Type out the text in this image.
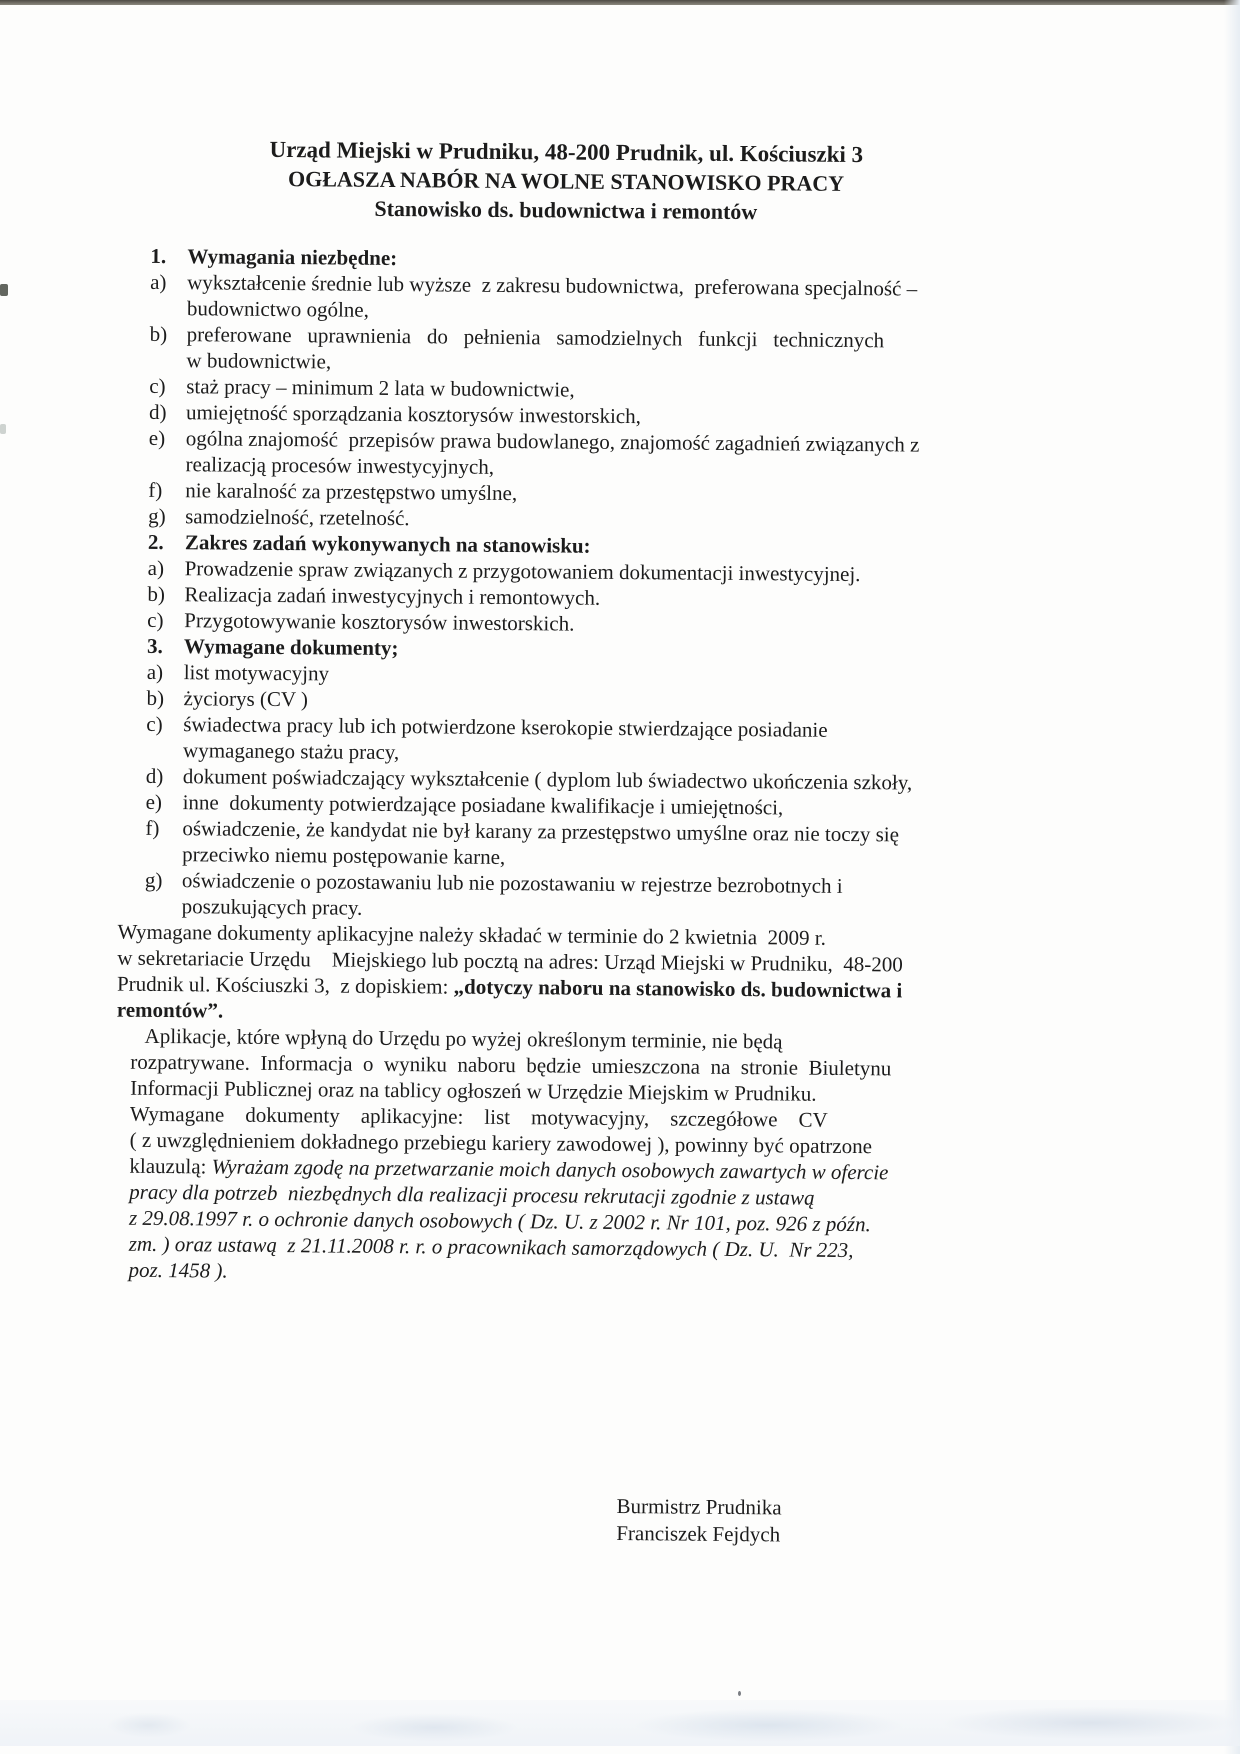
Urząd Miejski w Prudniku, 48-200 Prudnik, ul. Kościuszki 3
OGŁASZA NABÓR NA WOLNE STANOWISKO PRACY
Stanowisko ds. budownictwa i remontów
1. Wymagania niezbędne:
a) wykształcenie średnie lub wyższe  z zakresu budownictwa,  preferowana specjalność –
budownictwo ogólne,
b) preferowane   uprawnienia   do   pełnienia   samodzielnych   funkcji   technicznych
w budownictwie,
c) staż pracy – minimum 2 lata w budownictwie,
d) umiejętność sporządzania kosztorysów inwestorskich,
e) ogólna znajomość  przepisów prawa budowlanego, znajomość zagadnień związanych z
realizacją procesów inwestycyjnych,
f) nie karalność za przestępstwo umyślne,
g) samodzielność, rzetelność.
2. Zakres zadań wykonywanych na stanowisku:
a) Prowadzenie spraw związanych z przygotowaniem dokumentacji inwestycyjnej.
b) Realizacja zadań inwestycyjnych i remontowych.
c) Przygotowywanie kosztorysów inwestorskich.
3. Wymagane dokumenty;
a) list motywacyjny
b) życiorys (CV )
c) świadectwa pracy lub ich potwierdzone kserokopie stwierdzające posiadanie
wymaganego stażu pracy,
d) dokument poświadczający wykształcenie ( dyplom lub świadectwo ukończenia szkoły,
e) inne  dokumenty potwierdzające posiadane kwalifikacje i umiejętności,
f) oświadczenie, że kandydat nie był karany za przestępstwo umyślne oraz nie toczy się
przeciwko niemu postępowanie karne,
g) oświadczenie o pozostawaniu lub nie pozostawaniu w rejestrze bezrobotnych i
poszukujących pracy.
Wymagane dokumenty aplikacyjne należy składać w terminie do 2 kwietnia  2009 r.
w sekretariacie Urzędu    Miejskiego lub pocztą na adres: Urząd Miejski w Prudniku,  48-200
Prudnik ul. Kościuszki 3,  z dopiskiem: „dotyczy naboru na stanowisko ds. budownictwa i
remontów”.
Aplikacje, które wpłyną do Urzędu po wyżej określonym terminie, nie będą
rozpatrywane.  Informacja  o  wyniku  naboru  będzie  umieszczona  na  stronie  Biuletynu
Informacji Publicznej oraz na tablicy ogłoszeń w Urzędzie Miejskim w Prudniku.
Wymagane    dokumenty    aplikacyjne:    list    motywacyjny,    szczegółowe    CV
( z uwzględnieniem dokładnego przebiegu kariery zawodowej ), powinny być opatrzone
klauzulą: Wyrażam zgodę na przetwarzanie moich danych osobowych zawartych w ofercie
pracy dla potrzeb  niezbędnych dla realizacji procesu rekrutacji zgodnie z ustawą
z 29.08.1997 r. o ochronie danych osobowych ( Dz. U. z 2002 r. Nr 101, poz. 926 z późn.
zm. ) oraz ustawą  z 21.11.2008 r. r. o pracownikach samorządowych ( Dz. U.  Nr 223,
poz. 1458 ).
Burmistrz Prudnika
Franciszek Fejdych
